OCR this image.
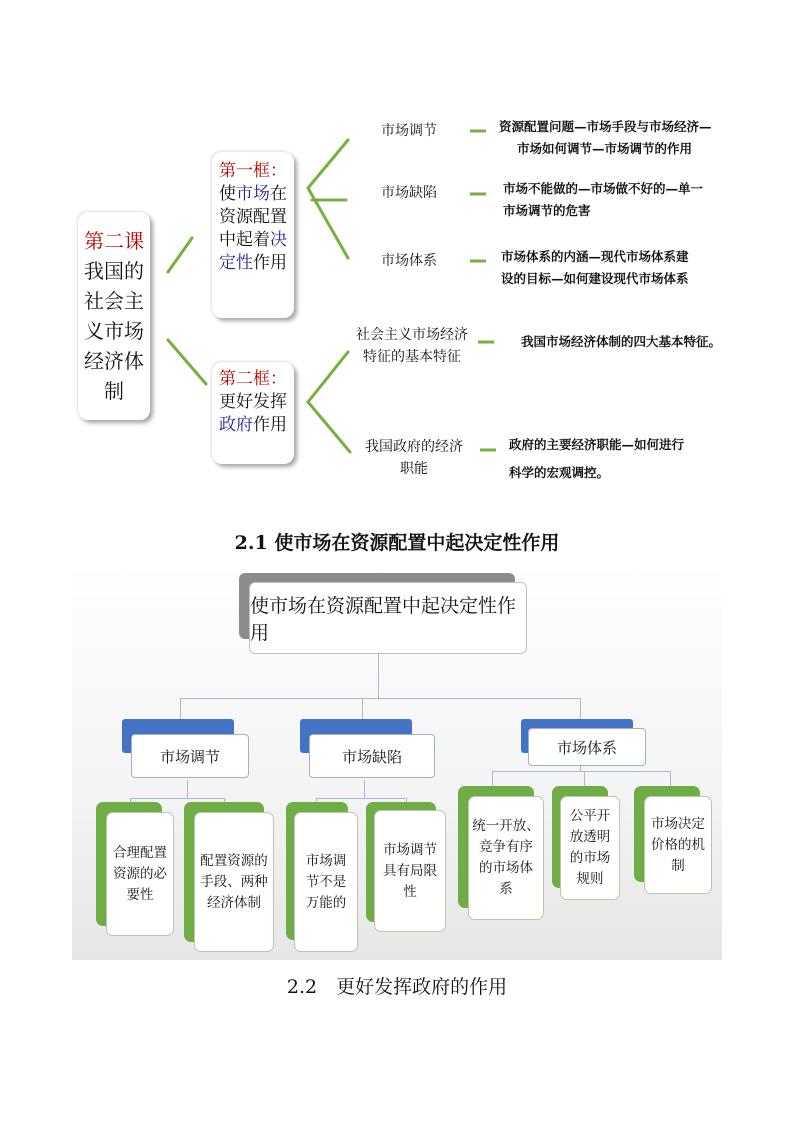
第二课
我国的
社会主
义市场
经济体
制
第一框：
使市场在
资源配置
中起着决
定性作用
第二框：
更好发挥
政府作用
市场调节
市场缺陷
市场体系
社会主义市场经济
特征的基本特征
我国政府的经济
职能
资源配置问题—市场手段与市场经济—
市场如何调节—市场调节的作用
市场不能做的—市场做不好的—单一
市场调节的危害
市场体系的内涵—现代市场体系建
设的目标—如何建设现代市场体系
我国市场经济体制的四大基本特征。
政府的主要经济职能—如何进行
科学的宏观调控。
2.1 使市场在资源配置中起决定性作用
使市场在资源配置中起决定性作用
市场调节	市场缺陷	市场体系
合理配置
资源的必
要性
配置资源的
手段、两种
经济体制
市场调
节不是
万能的
市场调节
具有局限
性
统一开放、
竞争有序
的市场体
系
公平开
放透明
的市场
规则
市场决定
价格的机
制
2.2　更好发挥政府的作用
